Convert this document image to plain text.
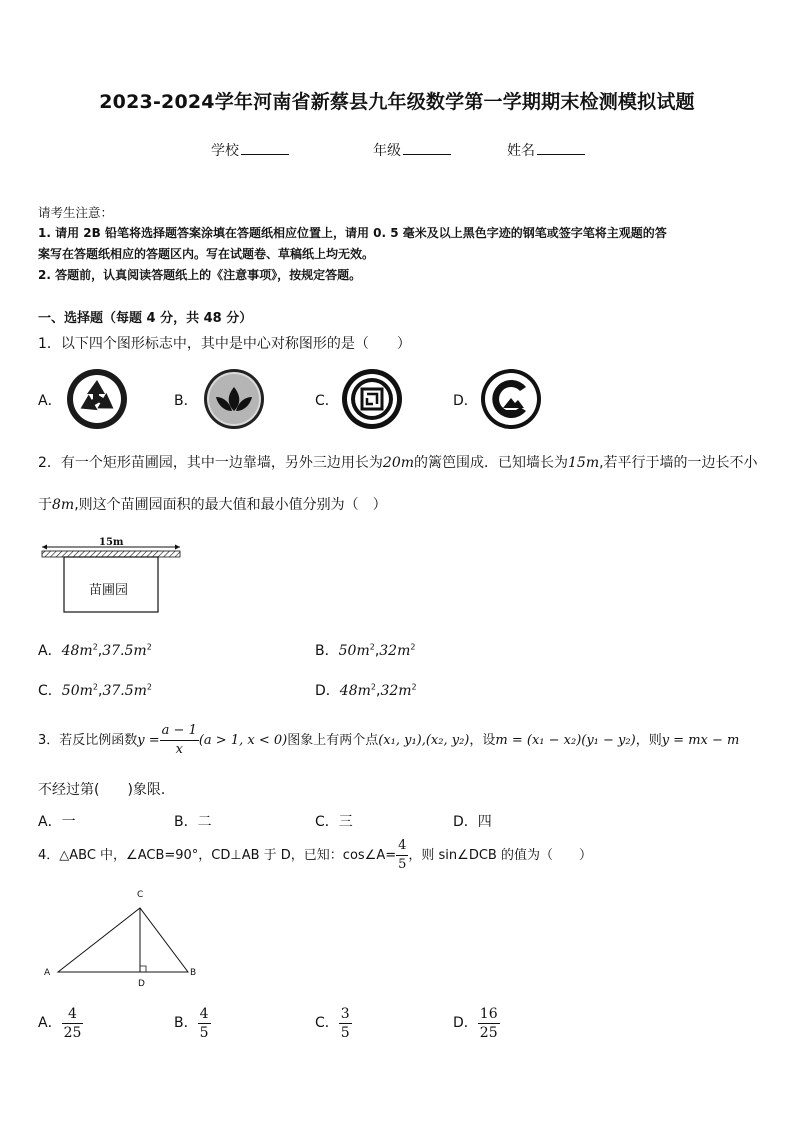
2023-2024学年河南省新蔡县九年级数学第一学期期末检测模拟试题
学校	年级	姓名
请考生注意：
1. 请用 2B 铅笔将选择题答案涂填在答题纸相应位置上，请用 0. 5 毫米及以上黑色字迹的钢笔或签字笔将主观题的答
案写在答题纸相应的答题区内。写在试题卷、草稿纸上均无效。
2. 答题前，认真阅读答题纸上的《注意事项》，按规定答题。
一、选择题（每题 4 分，共 48 分）
1．以下四个图形标志中，其中是中心对称图形的是（　　）
A．	B．	C．	D．
2．有一个矩形苗圃园，其中一边靠墙，另外三边用长为20m的篱笆围成．已知墙长为15m,若平行于墙的一边长不小
于8m,则这个苗圃园面积的最大值和最小值分别为（　）
15m
苗圃园
A．$48m^2,37.5m^2$	B．$50m^2,32m^2$
C．$50m^2,37.5m^2$	D．$48m^2,32m^2$
3．若反比例函数$y = \frac{a - 1}{x} (a > 1$, x < 0)图象上有两个点(x₁, y₁),(x₂, y₂)，设m = (x₁ − x₂)(y₁ − y₂)，则y = mx − m
不经过第(　　)象限．
A．一	B．二	C．三	D．四
4．△ABC 中，∠ACB=90°，CD⊥AB 于 D，已知：cos∠A= $\frac{4}{5}$ ，则 sin∠DCB 的值为（　　）
C
A	B
D
A． $\frac{4}{25}$	B． $\frac{4}{5}$	C． $\frac{3}{5}$	D． $\frac{16}{25}$
